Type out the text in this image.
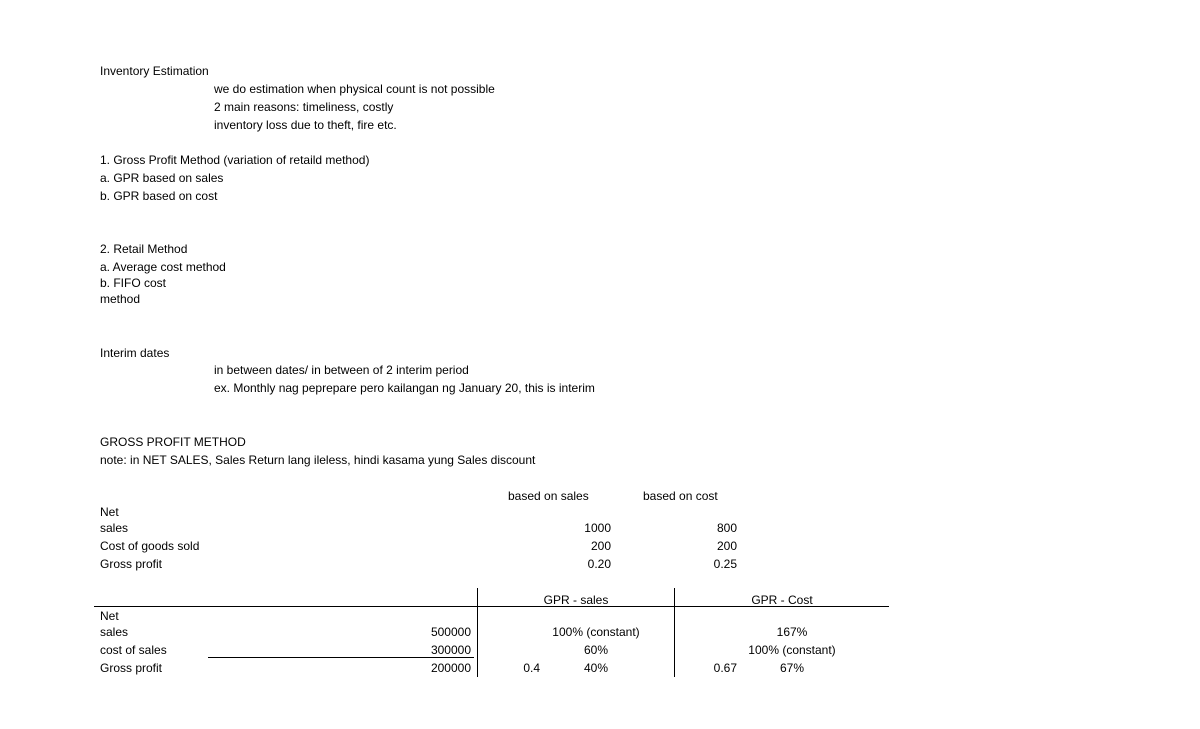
Inventory Estimation
we do estimation when physical count is not possible
2 main reasons: timeliness, costly
inventory loss due to theft, fire etc.
1. Gross Profit Method (variation of retaild method)
a. GPR based on sales
b. GPR based on cost
2. Retail Method
a. Average cost method
b. FIFO cost
method
Interim dates
in between dates/ in between of 2 interim period
ex. Monthly nag peprepare pero kailangan ng January 20, this is interim
GROSS PROFIT METHOD
note: in NET SALES, Sales Return lang ileless, hindi kasama yung Sales discount
based on sales	based on cost
Net
sales	1000	800
Cost of goods sold	200	200
Gross profit	0.20	0.25
GPR - sales	GPR - Cost
Net
sales	500000	100% (constant)	167%
cost of sales	300000	60%	100% (constant)
Gross profit	200000	0.4	40%	0.67	67%
